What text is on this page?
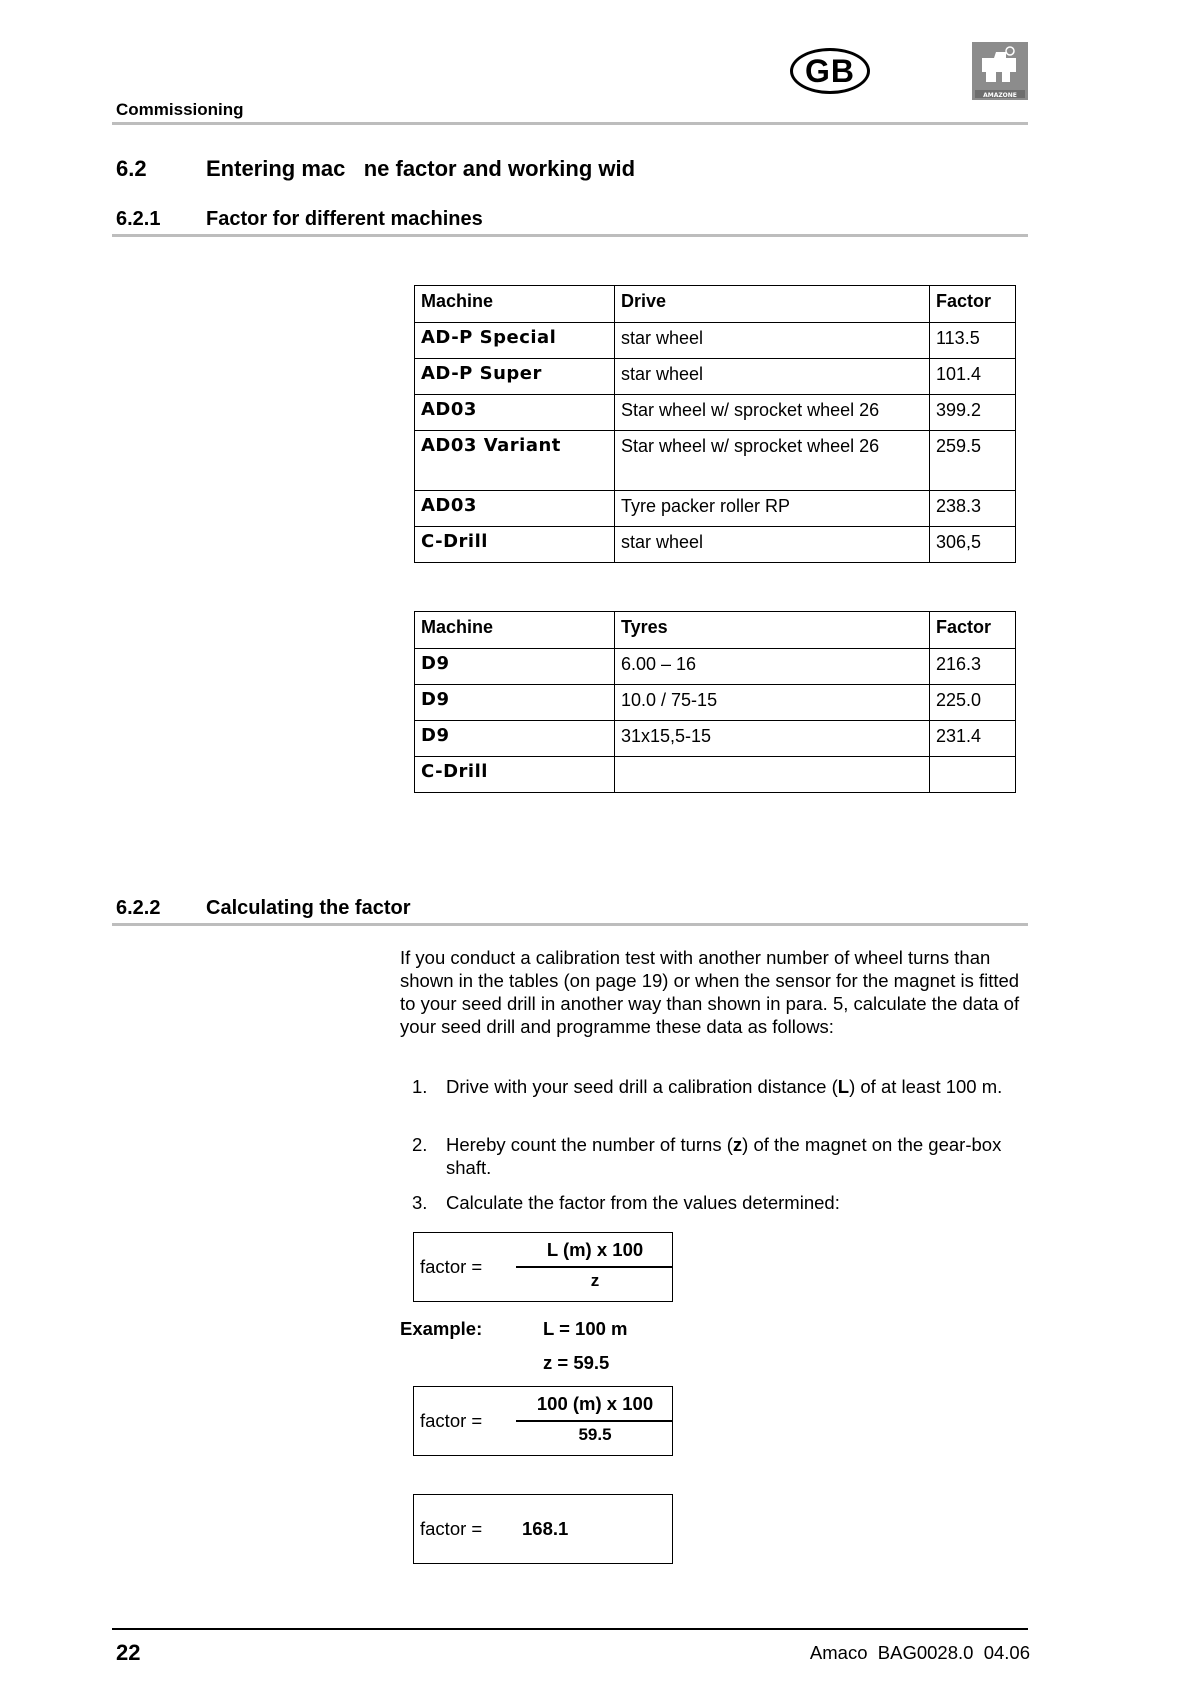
Commissioning
GB
AMAZONE
6.2	Entering mac   ne factor and working wid
6.2.1 Factor for different machines
Machine	Drive	Factor
AD-P Special	star wheel	113.5
AD-P Super	star wheel	101.4
AD03	Star wheel w/ sprocket wheel 26	399.2
AD03 Variant	Star wheel w/ sprocket wheel 26	259.5
AD03	Tyre packer roller RP	238.3
C-Drill	star wheel	306,5
Machine	Tyres	Factor
D9	6.00 – 16	216.3
D9	10.0 / 75-15	225.0
D9	31x15,5-15	231.4
C-Drill		
6.2.2 Calculating the factor
If you conduct a calibration test with another number of wheel turns than shown in the tables (on page 19) or when the sensor for the magnet is fitted to your seed drill in another way than shown in para. 5, calculate the data of your seed drill and programme these data as follows:
1. Drive with your seed drill a calibration distance (L) of at least 100 m.
2. Hereby count the number of turns (z) of the magnet on the gear-box shaft.
3. Calculate the factor from the values determined:
factor =
L (m) x 100
z
Example:	L = 100 m
z = 59.5
factor =
100 (m) x 100
59.5
factor = 168.1
22	Amaco  BAG0028.0  04.06
